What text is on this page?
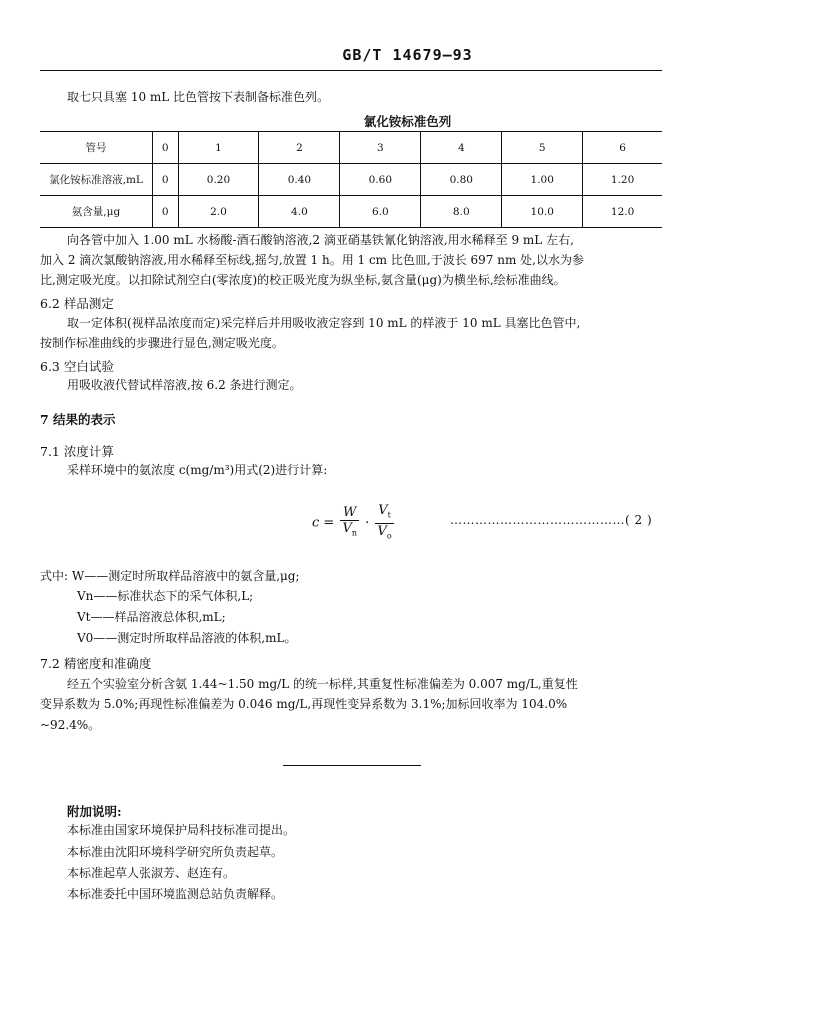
GB/T 14679—93
取七只具塞 10 mL 比色管按下表制备标准色列。
氯化铵标准色列
管号	0	1	2	3	4	5	6
氯化铵标准溶液,mL	0	0.20	0.40	0.60	0.80	1.00	1.20
氨含量,μg	0	2.0	4.0	6.0	8.0	10.0	12.0
向各管中加入 1.00 mL 水杨酸-酒石酸钠溶液,2 滴亚硝基铁氰化钠溶液,用水稀释至 9 mL 左右,
加入 2 滴次氯酸钠溶液,用水稀释至标线,摇匀,放置 1 h。用 1 cm 比色皿,于波长 697 nm 处,以水为参
比,测定吸光度。以扣除试剂空白(零浓度)的校正吸光度为纵坐标,氨含量(μg)为横坐标,绘标准曲线。
6.2 样品测定
取一定体积(视样品浓度而定)采完样后并用吸收液定容到 10 mL 的样液于 10 mL 具塞比色管中,
按制作标准曲线的步骤进行显色,测定吸光度。
6.3 空白试验
用吸收液代替试样溶液,按 6.2 条进行测定。
7 结果的表示
7.1 浓度计算
采样环境中的氨浓度 c(mg/m³)用式(2)进行计算:
$c = \frac{W}{V_n} \cdot \frac{V_t}{V_o}$	……………………………………( 2 )
式中: W——测定时所取样品溶液中的氨含量,μg;
Vn——标准状态下的采气体积,L;
Vt——样品溶液总体积,mL;
V0——测定时所取样品溶液的体积,mL。
7.2 精密度和准确度
经五个实验室分析含氨 1.44~1.50 mg/L 的统一标样,其重复性标准偏差为 0.007 mg/L,重复性
变异系数为 5.0%;再现性标准偏差为 0.046 mg/L,再现性变异系数为 3.1%;加标回收率为 104.0%
~92.4%。
附加说明:
本标准由国家环境保护局科技标准司提出。
本标准由沈阳环境科学研究所负责起草。
本标准起草人张淑芳、赵连有。
本标准委托中国环境监测总站负责解释。
